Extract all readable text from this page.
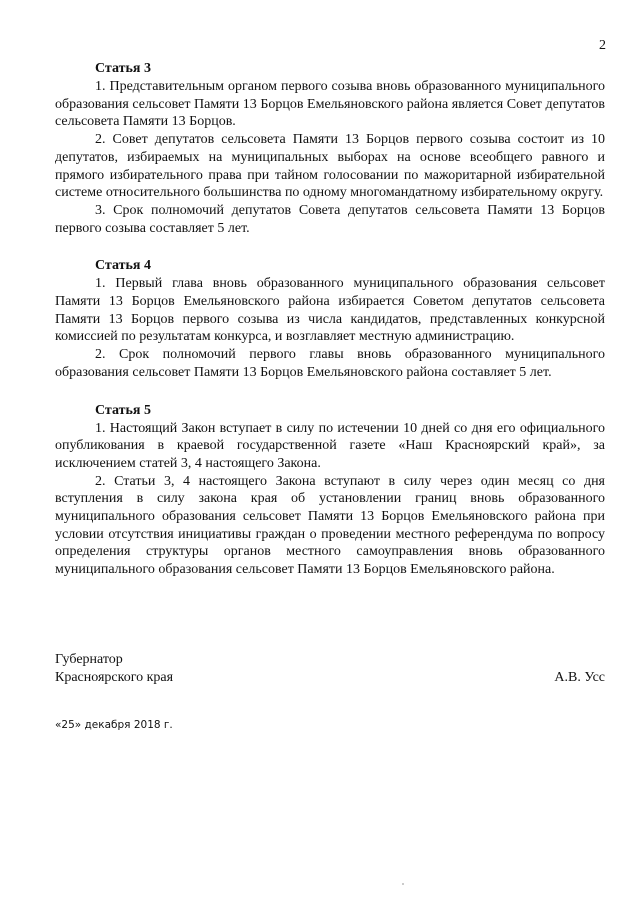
2
Статья 3

1. Представительным органом первого созыва вновь образованного муниципального образования сельсовет Памяти 13 Борцов Емельяновского района является Совет депутатов сельсовета Памяти 13 Борцов.

2. Совет депутатов сельсовета Памяти 13 Борцов первого созыва состоит из 10 депутатов, избираемых на муниципальных выборах на основе всеобщего равного и прямого избирательного права при тайном голосовании по мажоритарной избирательной системе относительного большинства по одному многомандатному избирательному округу.

3. Срок полномочий депутатов Совета депутатов сельсовета Памяти 13 Борцов первого созыва составляет 5 лет.

Статья 4

1. Первый глава вновь образованного муниципального образования сельсовет Памяти 13 Борцов Емельяновского района избирается Советом депутатов сельсовета Памяти 13 Борцов первого созыва из числа кандидатов, представленных конкурсной комиссией по результатам конкурса, и возглавляет местную администрацию.

2. Срок полномочий первого главы вновь образованного муниципального образования сельсовет Памяти 13 Борцов Емельяновского района составляет 5 лет.

Статья 5

1. Настоящий Закон вступает в силу по истечении 10 дней со дня его официального опубликования в краевой государственной газете «Наш Красноярский край», за исключением статей 3, 4 настоящего Закона.

2. Статьи 3, 4 настоящего Закона вступают в силу через один месяц со дня вступления в силу закона края об установлении границ вновь образованного муниципального образования сельсовет Памяти 13 Борцов Емельяновского района при условии отсутствия инициативы граждан о проведении местного референдума по вопросу определения структуры органов местного самоуправления вновь образованного муниципального образования сельсовет Памяти 13 Борцов Емельяновского района.

Губернатор
Красноярского края	А.В. Усс
«25» декабря 2018 г.
